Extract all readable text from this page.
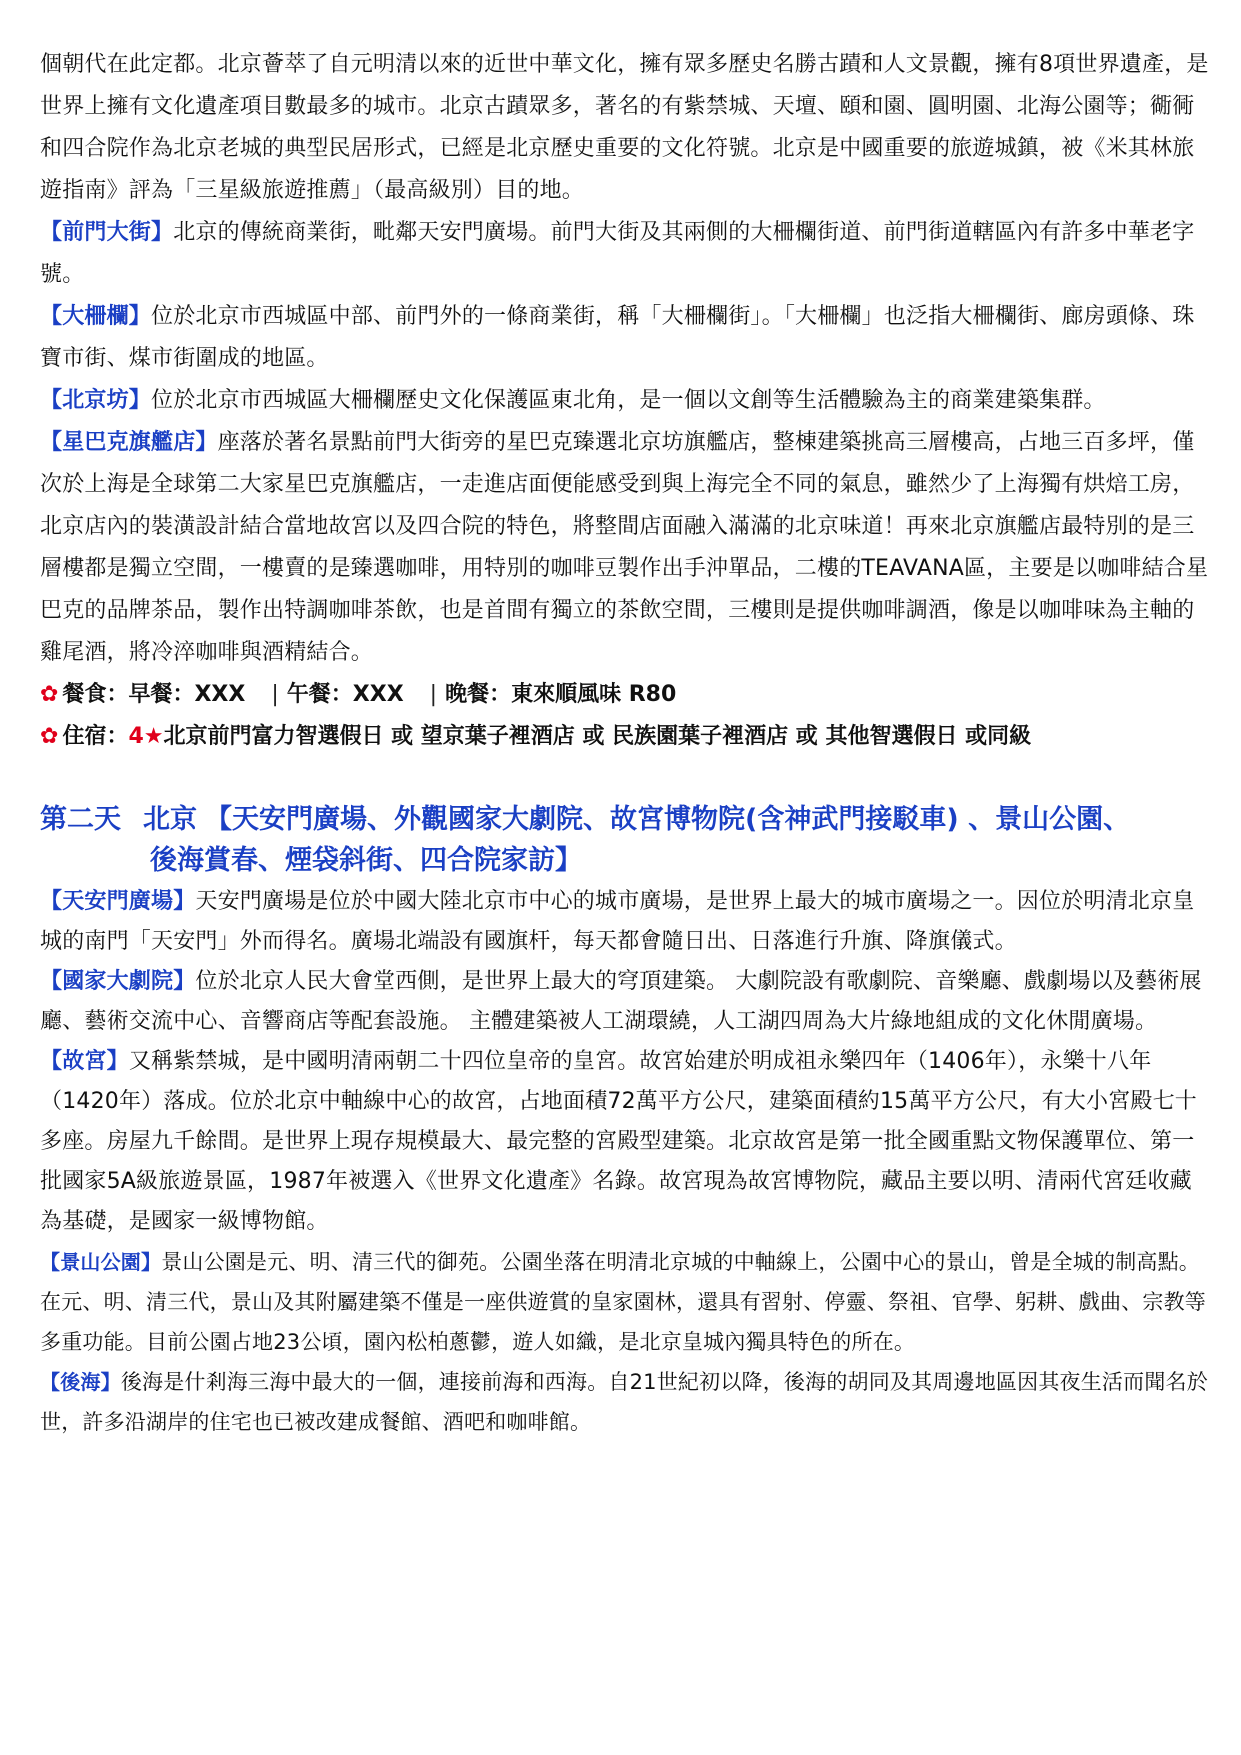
個朝代在此定都。北京薈萃了自元明清以來的近世中華文化，擁有眾多歷史名勝古蹟和人文景觀，擁有8項世界遺產，是世界上擁有文化遺產項目數最多的城市。北京古蹟眾多，著名的有紫禁城、天壇、頤和園、圓明園、北海公園等；衚衕和四合院作為北京老城的典型民居形式，已經是北京歷史重要的文化符號。北京是中國重要的旅遊城鎮，被《米其林旅遊指南》評為「三星級旅遊推薦」（最高級別）目的地。

【前門大街】北京的傳統商業街，毗鄰天安門廣場。前門大街及其兩側的大柵欄街道、前門街道轄區內有許多中華老字號。

【大柵欄】位於北京市西城區中部、前門外的一條商業街，稱「大柵欄街」。「大柵欄」也泛指大柵欄街、廊房頭條、珠寶市街、煤市街圍成的地區。

【北京坊】位於北京市西城區大柵欄歷史文化保護區東北角，是一個以文創等生活體驗為主的商業建築集群。

【星巴克旗艦店】座落於著名景點前門大街旁的星巴克臻選北京坊旗艦店，整棟建築挑高三層樓高，占地三百多坪，僅次於上海是全球第二大家星巴克旗艦店，一走進店面便能感受到與上海完全不同的氣息，雖然少了上海獨有烘焙工房，北京店內的裝潢設計結合當地故宮以及四合院的特色，將整間店面融入滿滿的北京味道！再來北京旗艦店最特別的是三層樓都是獨立空間，一樓賣的是臻選咖啡，用特別的咖啡豆製作出手沖單品，二樓的TEAVANA區，主要是以咖啡結合星巴克的品牌茶品，製作出特調咖啡茶飲，也是首間有獨立的茶飲空間，三樓則是提供咖啡調酒，像是以咖啡味為主軸的雞尾酒，將冷淬咖啡與酒精結合。

✿ 餐食：早餐：XXX | 午餐：XXX | 晚餐：東來順風味 R80

✿ 住宿：4★北京前門富力智選假日 或 望京葉子裡酒店 或 民族園葉子裡酒店 或 其他智選假日 或同級

第二天 北京 【天安門廣場、外觀國家大劇院、故宮博物院(含神武門接駁車) 、景山公園、
後海賞春、煙袋斜街、四合院家訪】

【天安門廣場】天安門廣場是位於中國大陸北京市中心的城市廣場，是世界上最大的城市廣場之一。因位於明清北京皇城的南門「天安門」外而得名。廣場北端設有國旗杆，每天都會隨日出、日落進行升旗、降旗儀式。

【國家大劇院】位於北京人民大會堂西側，是世界上最大的穹頂建築。 大劇院設有歌劇院、音樂廳、戲劇場以及藝術展廳、藝術交流中心、音響商店等配套設施。 主體建築被人工湖環繞，人工湖四周為大片綠地組成的文化休閒廣場。

【故宮】又稱紫禁城，是中國明清兩朝二十四位皇帝的皇宮。故宮始建於明成祖永樂四年（1406年），永樂十八年（1420年）落成。位於北京中軸線中心的故宮，占地面積72萬平方公尺，建築面積約15萬平方公尺，有大小宮殿七十多座。房屋九千餘間。是世界上現存規模最大、最完整的宮殿型建築。北京故宮是第一批全國重點文物保護單位、第一批國家5A級旅遊景區，1987年被選入《世界文化遺產》名錄。故宮現為故宮博物院，藏品主要以明、清兩代宮廷收藏為基礎，是國家一級博物館。

【景山公園】景山公園是元、明、清三代的御苑。公園坐落在明清北京城的中軸線上，公園中心的景山，曾是全城的制高點。在元、明、清三代，景山及其附屬建築不僅是一座供遊賞的皇家園林，還具有習射、停靈、祭祖、官學、躬耕、戲曲、宗教等多重功能。目前公園占地23公頃，園內松柏蔥鬱，遊人如織，是北京皇城內獨具特色的所在。

【後海】後海是什剎海三海中最大的一個，連接前海和西海。自21世紀初以降，後海的胡同及其周邊地區因其夜生活而聞名於世，許多沿湖岸的住宅也已被改建成餐館、酒吧和咖啡館。
